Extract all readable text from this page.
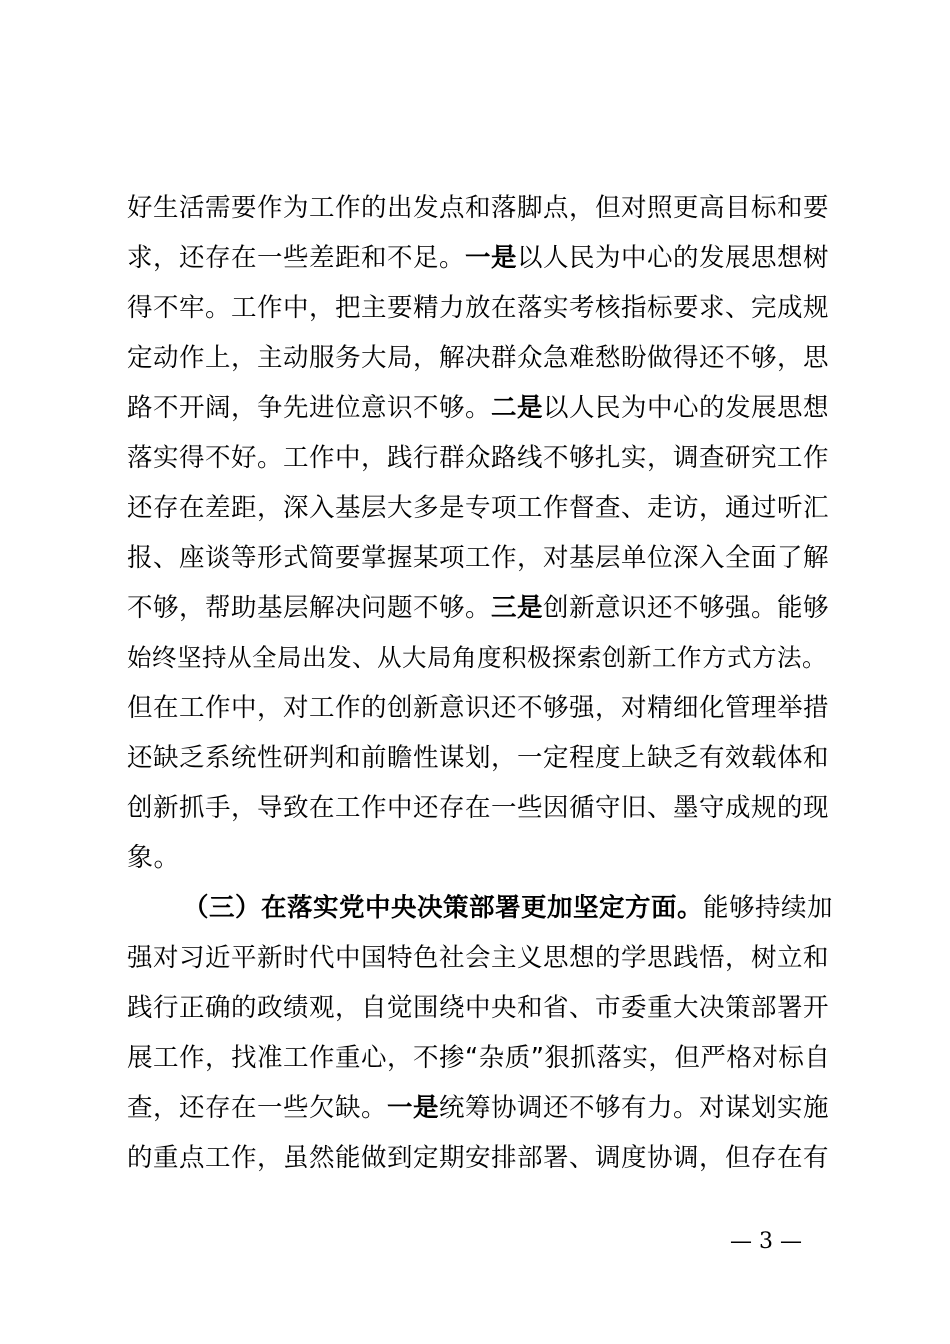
好生活需要作为工作的出发点和落脚点，但对照更高目标和要
求，还存在一些差距和不足。一是以人民为中心的发展思想树
得不牢。工作中，把主要精力放在落实考核指标要求、完成规
定动作上，主动服务大局，解决群众急难愁盼做得还不够，思
路不开阔，争先进位意识不够。二是以人民为中心的发展思想
落实得不好。工作中，践行群众路线不够扎实，调查研究工作
还存在差距，深入基层大多是专项工作督查、走访，通过听汇
报、座谈等形式简要掌握某项工作，对基层单位深入全面了解
不够，帮助基层解决问题不够。三是创新意识还不够强。能够
始终坚持从全局出发、从大局角度积极探索创新工作方式方法。
但在工作中，对工作的创新意识还不够强，对精细化管理举措
还缺乏系统性研判和前瞻性谋划，一定程度上缺乏有效载体和
创新抓手，导致在工作中还存在一些因循守旧、墨守成规的现
象。
（三）在落实党中央决策部署更加坚定方面。能够持续加
强对习近平新时代中国特色社会主义思想的学思践悟，树立和
践行正确的政绩观，自觉围绕中央和省、市委重大决策部署开
展工作，找准工作重心，不掺“杂质”狠抓落实，但严格对标自
查，还存在一些欠缺。一是统筹协调还不够有力。对谋划实施
的重点工作，虽然能做到定期安排部署、调度协调，但存在有
— 3 —
